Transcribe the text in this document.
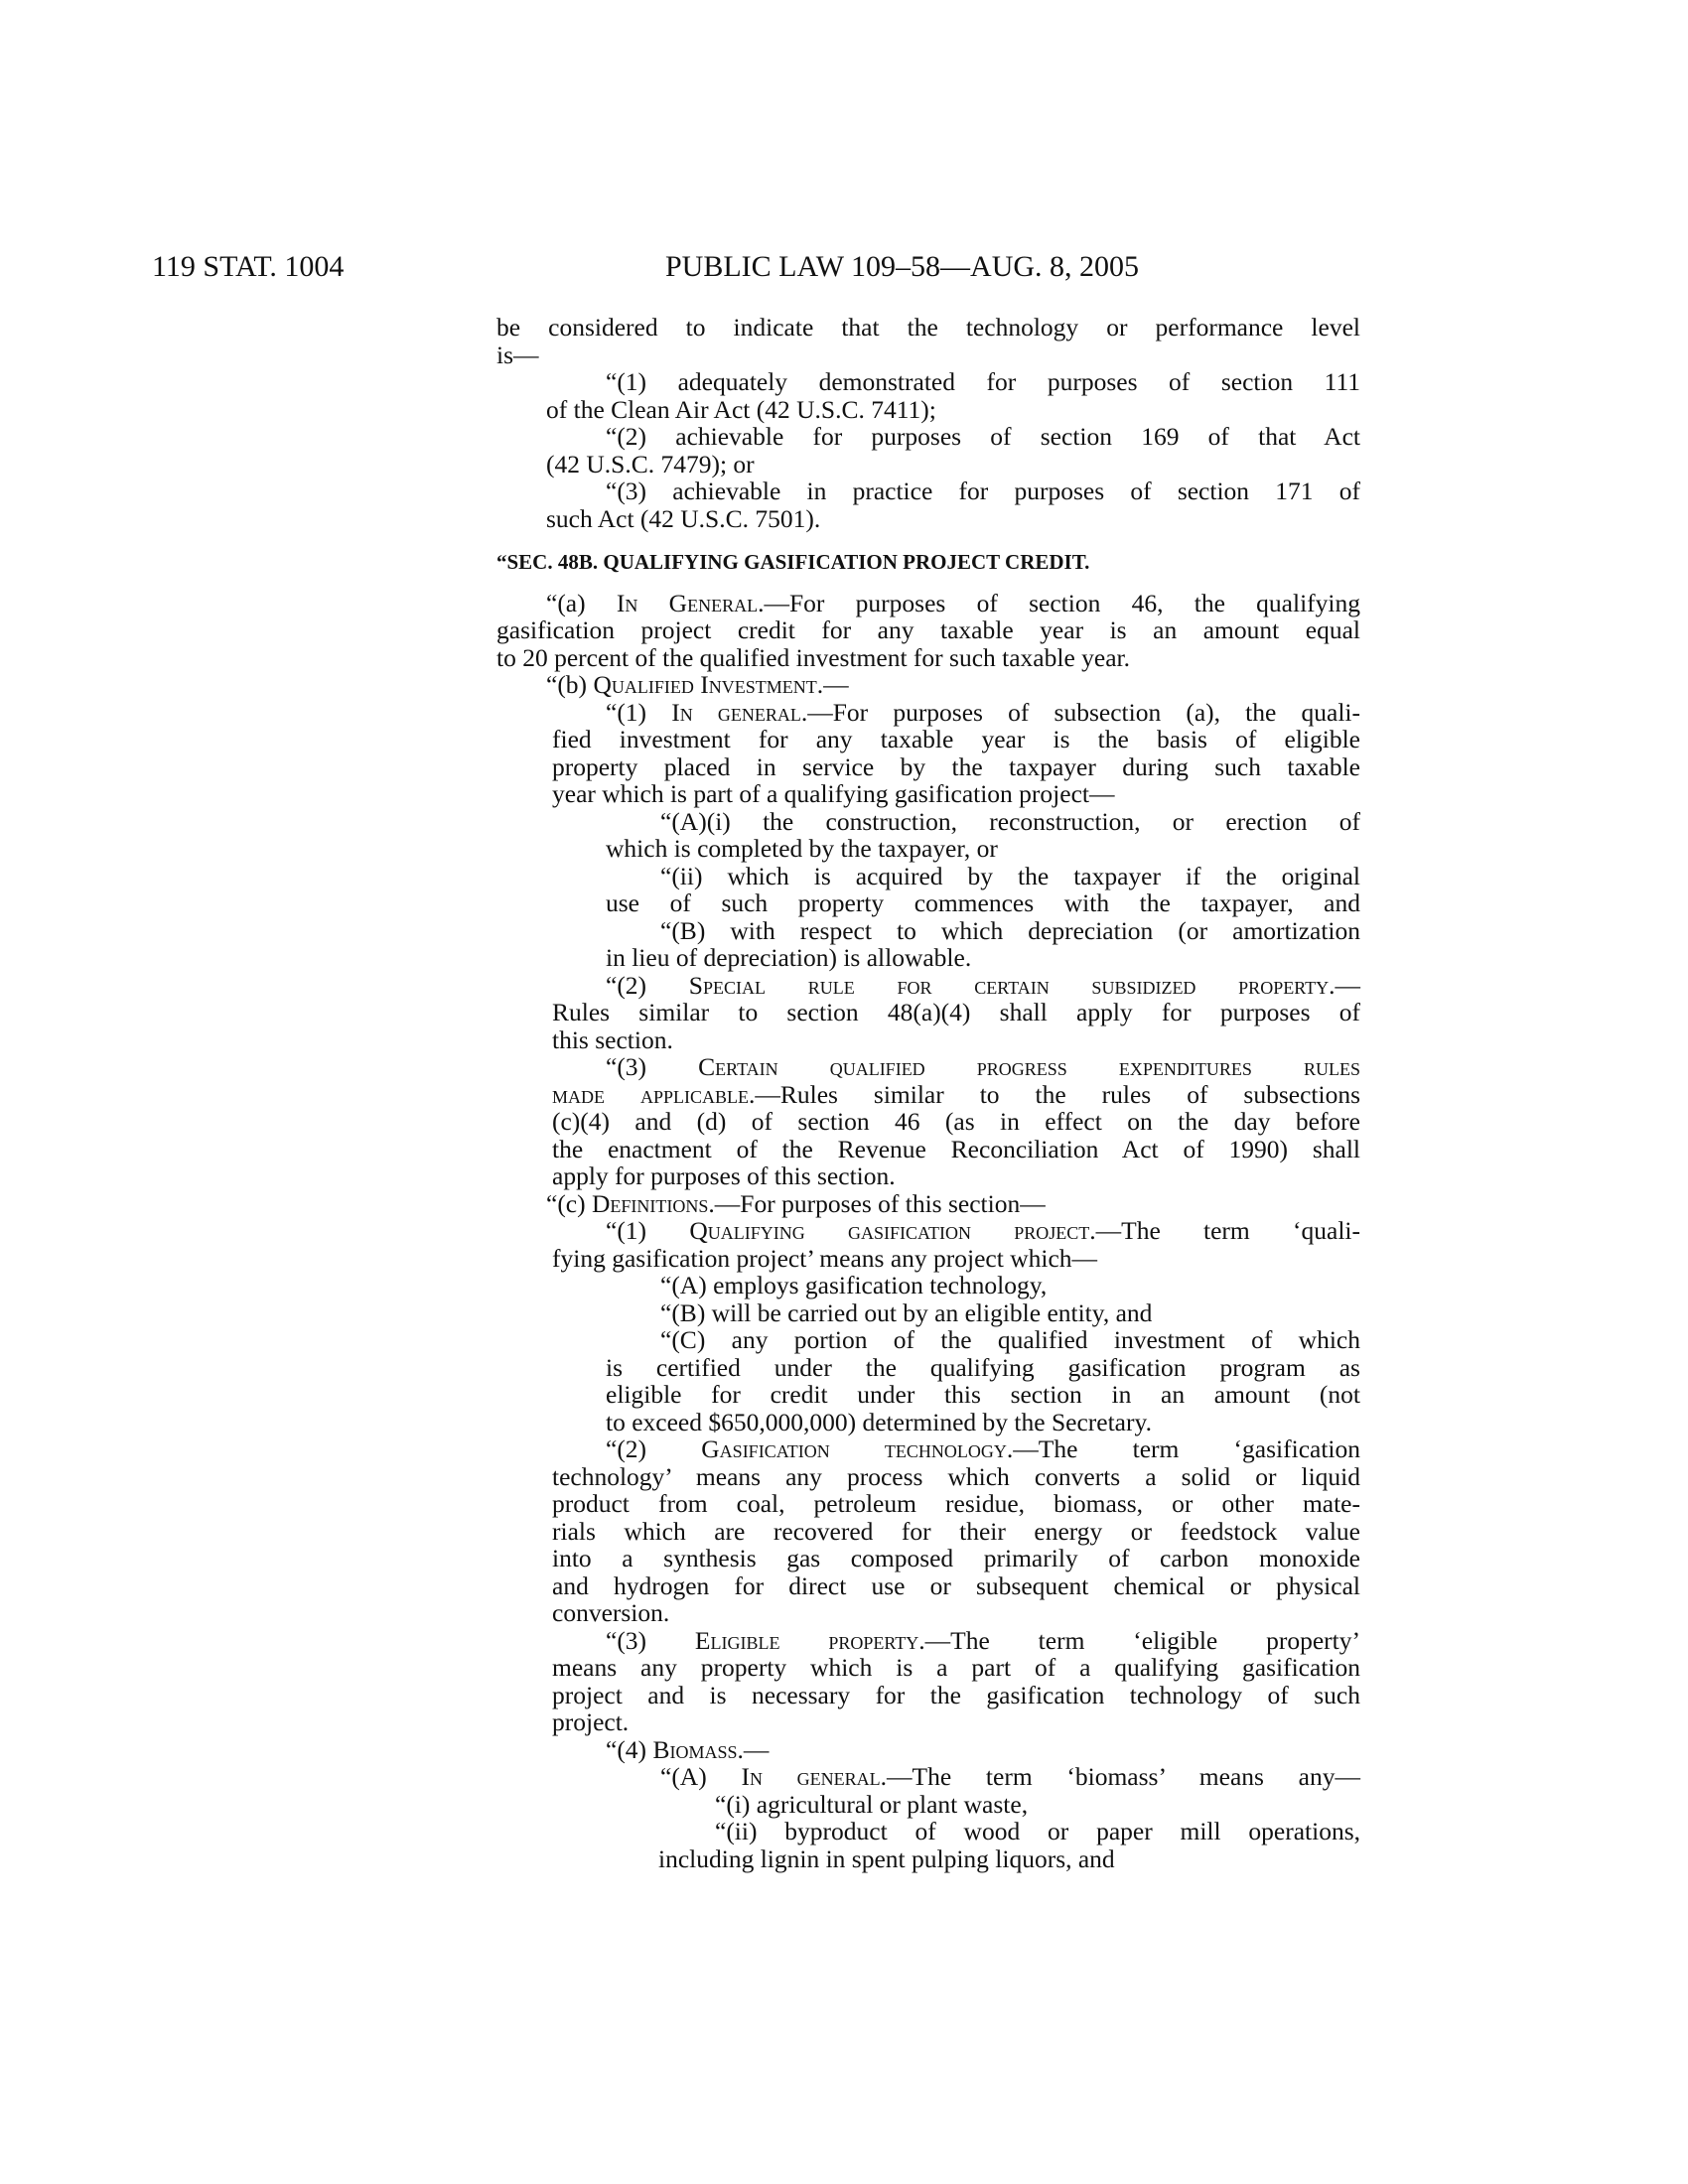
119 STAT. 1004	PUBLIC LAW 109–58—AUG. 8, 2005
be considered to indicate that the technology or performance level
is—
“(1) adequately demonstrated for purposes of section 111
of the Clean Air Act (42 U.S.C. 7411);
“(2) achievable for purposes of section 169 of that Act
(42 U.S.C. 7479); or
“(3) achievable in practice for purposes of section 171 of
such Act (42 U.S.C. 7501).
“SEC. 48B. QUALIFYING GASIFICATION PROJECT CREDIT.
“(a) In General.—For purposes of section 46, the qualifying
gasification project credit for any taxable year is an amount equal
to 20 percent of the qualified investment for such taxable year.
“(b) Qualified Investment.—
“(1) In general.—For purposes of subsection (a), the quali-
fied investment for any taxable year is the basis of eligible
property placed in service by the taxpayer during such taxable
year which is part of a qualifying gasification project—
“(A)(i) the construction, reconstruction, or erection of
which is completed by the taxpayer, or
“(ii) which is acquired by the taxpayer if the original
use of such property commences with the taxpayer, and
“(B) with respect to which depreciation (or amortization
in lieu of depreciation) is allowable.
“(2) Special rule for certain subsidized property.—
Rules similar to section 48(a)(4) shall apply for purposes of
this section.
“(3) Certain qualified progress expenditures rules
made applicable.—Rules similar to the rules of subsections
(c)(4) and (d) of section 46 (as in effect on the day before
the enactment of the Revenue Reconciliation Act of 1990) shall
apply for purposes of this section.
“(c) Definitions.—For purposes of this section—
“(1) Qualifying gasification project.—The term ‘quali-
fying gasification project’ means any project which—
“(A) employs gasification technology,
“(B) will be carried out by an eligible entity, and
“(C) any portion of the qualified investment of which
is certified under the qualifying gasification program as
eligible for credit under this section in an amount (not
to exceed $650,000,000) determined by the Secretary.
“(2) Gasification technology.—The term ‘gasification
technology’ means any process which converts a solid or liquid
product from coal, petroleum residue, biomass, or other mate-
rials which are recovered for their energy or feedstock value
into a synthesis gas composed primarily of carbon monoxide
and hydrogen for direct use or subsequent chemical or physical
conversion.
“(3) Eligible property.—The term ‘eligible property’
means any property which is a part of a qualifying gasification
project and is necessary for the gasification technology of such
project.
“(4) Biomass.—
“(A) In general.—The term ‘biomass’ means any—
“(i) agricultural or plant waste,
“(ii) byproduct of wood or paper mill operations,
including lignin in spent pulping liquors, and
